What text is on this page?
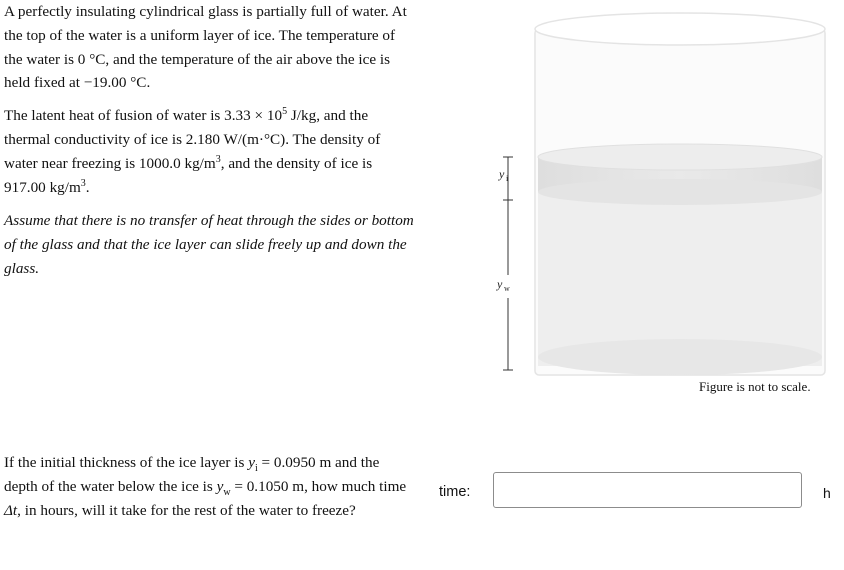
A perfectly insulating cylindrical glass is partially full of water. At the top of the water is a uniform layer of ice. The temperature of the water is 0 °C, and the temperature of the air above the ice is held fixed at −19.00 °C.

The latent heat of fusion of water is $3.33 \times 10^5$ J/kg, and the thermal conductivity of ice is 2.180 W/(m·°C). The density of water near freezing is 1000.0 $kg/m^3$, and the density of ice is 917.00 $kg/m^3$.

Assume that there is no transfer of heat through the sides or bottom of the glass and that the ice layer can slide freely up and down the glass.

y i
y w
Figure is not to scale.
If the initial thickness of the ice layer is $y_i = 0.0950$ m and the depth of the water below the ice is $y_w = 0.1050$ m, how much time Δt, in hours, will it take for the rest of the water to freeze?
time:	h
